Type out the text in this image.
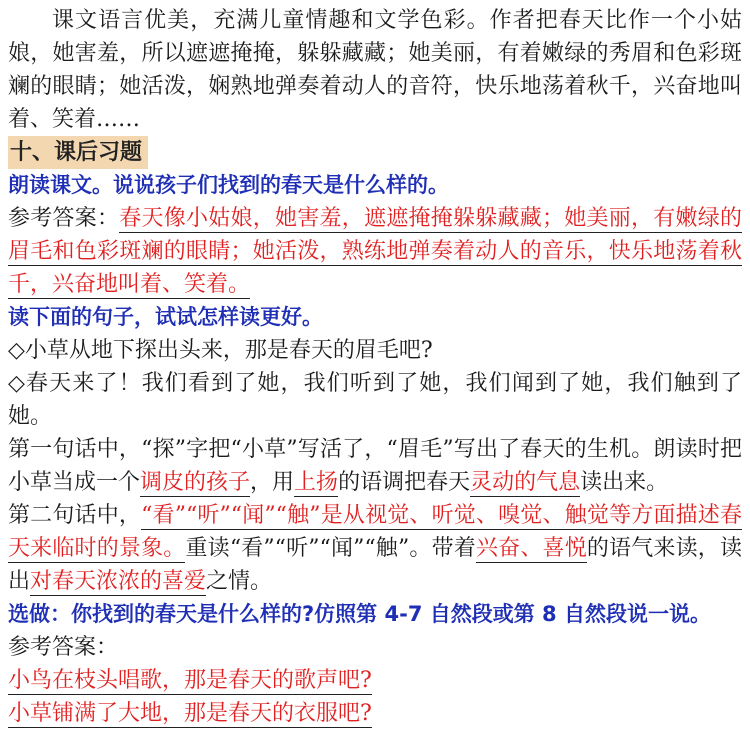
课文语言优美，充满儿童情趣和文学色彩。作者把春天比作一个小姑娘，她害羞，所以遮遮掩掩，躲躲藏藏；她美丽，有着嫩绿的秀眉和色彩斑斓的眼睛；她活泼，娴熟地弹奏着动人的音符，快乐地荡着秋千，兴奋地叫着、笑着……

十、课后习题

朗读课文。说说孩子们找到的春天是什么样的。

参考答案：春天像小姑娘，她害羞，遮遮掩掩躲躲藏藏；她美丽，有嫩绿的眉毛和色彩斑斓的眼睛；她活泼，熟练地弹奏着动人的音乐，快乐地荡着秋千，兴奋地叫着、笑着。

读下面的句子，试试怎样读更好。

◇小草从地下探出头来，那是春天的眉毛吧?

◇春天来了！我们看到了她，我们听到了她，我们闻到了她，我们触到了她。

第一句话中，“探”字把“小草”写活了，“眉毛”写出了春天的生机。朗读时把小草当成一个调皮的孩子，用上扬的语调把春天灵动的气息读出来。

第二句话中，“看”“听”“闻”“触”是从视觉、听觉、嗅觉、触觉等方面描述春天来临时的景象。重读“看”“听”“闻”“触”。带着兴奋、喜悦的语气来读，读出对春天浓浓的喜爱之情。

选做：你找到的春天是什么样的?仿照第 4-7 自然段或第 8 自然段说一说。

参考答案：

小鸟在枝头唱歌，那是春天的歌声吧?

小草铺满了大地，那是春天的衣服吧?
